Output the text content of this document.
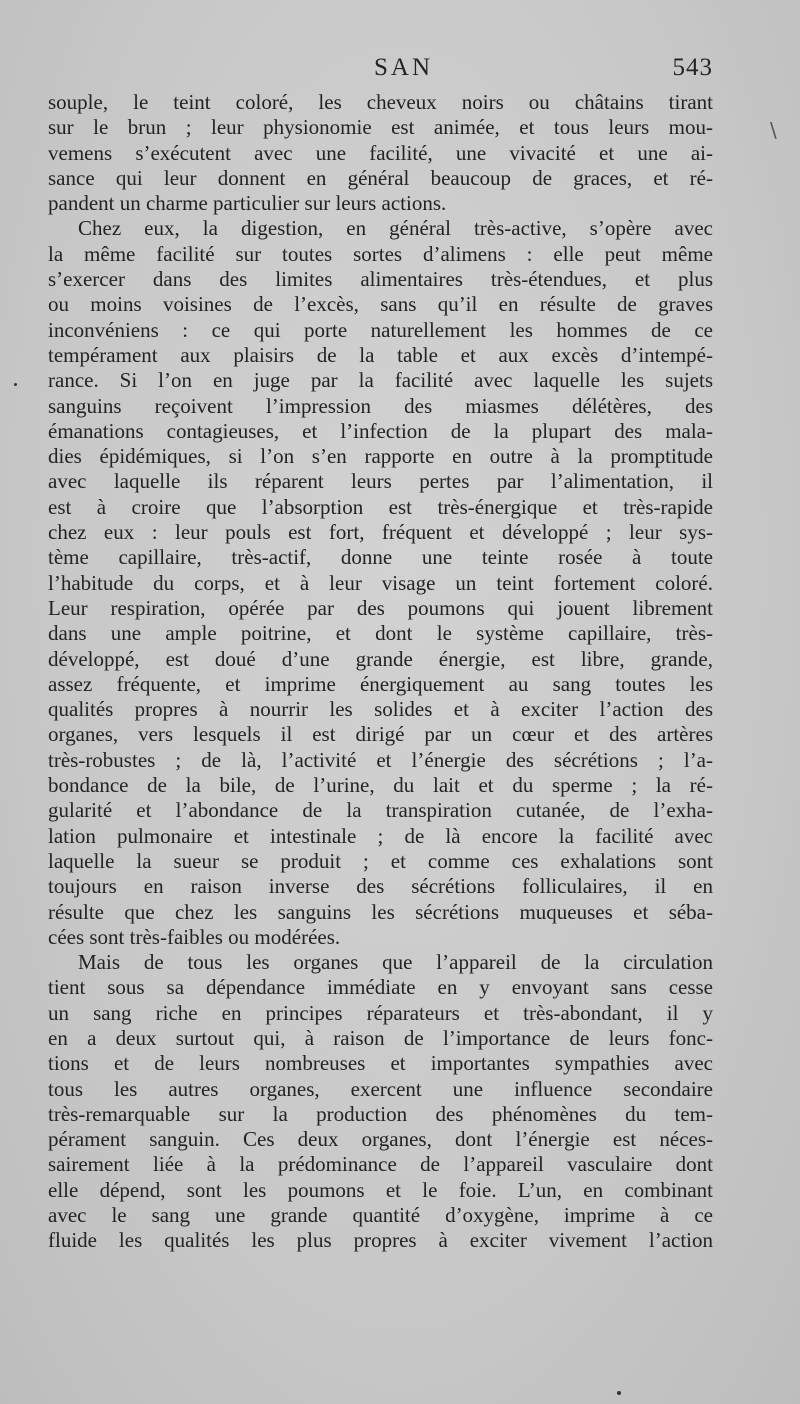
SAN	543
souple, le teint coloré, les cheveux noirs ou châtains tirant
sur le brun ; leur physionomie est animée, et tous leurs mou-
vemens s’exécutent avec une facilité, une vivacité et une ai-
sance qui leur donnent en général beaucoup de graces, et ré-
pandent un charme particulier sur leurs actions.
Chez eux, la digestion, en général très-active, s’opère avec
la même facilité sur toutes sortes d’alimens : elle peut même
s’exercer dans des limites alimentaires très-étendues, et plus
ou moins voisines de l’excès, sans qu’il en résulte de graves
inconvéniens : ce qui porte naturellement les hommes de ce
tempérament aux plaisirs de la table et aux excès d’intempé-
rance. Si l’on en juge par la facilité avec laquelle les sujets
sanguins reçoivent l’impression des miasmes délétères, des
émanations contagieuses, et l’infection de la plupart des mala-
dies épidémiques, si l’on s’en rapporte en outre à la promptitude
avec laquelle ils réparent leurs pertes par l’alimentation, il
est à croire que l’absorption est très-énergique et très-rapide
chez eux : leur pouls est fort, fréquent et développé ; leur sys-
tème capillaire, très-actif, donne une teinte rosée à toute
l’habitude du corps, et à leur visage un teint fortement coloré.
Leur respiration, opérée par des poumons qui jouent librement
dans une ample poitrine, et dont le système capillaire, très-
développé, est doué d’une grande énergie, est libre, grande,
assez fréquente, et imprime énergiquement au sang toutes les
qualités propres à nourrir les solides et à exciter l’action des
organes, vers lesquels il est dirigé par un cœur et des artères
très-robustes ; de là, l’activité et l’énergie des sécrétions ; l’a-
bondance de la bile, de l’urine, du lait et du sperme ; la ré-
gularité et l’abondance de la transpiration cutanée, de l’exha-
lation pulmonaire et intestinale ; de là encore la facilité avec
laquelle la sueur se produit ; et comme ces exhalations sont
toujours en raison inverse des sécrétions folliculaires, il en
résulte que chez les sanguins les sécrétions muqueuses et séba-
cées sont très-faibles ou modérées.
Mais de tous les organes que l’appareil de la circulation
tient sous sa dépendance immédiate en y envoyant sans cesse
un sang riche en principes réparateurs et très-abondant, il y
en a deux surtout qui, à raison de l’importance de leurs fonc-
tions et de leurs nombreuses et importantes sympathies avec
tous les autres organes, exercent une influence secondaire
très-remarquable sur la production des phénomènes du tem-
pérament sanguin. Ces deux organes, dont l’énergie est néces-
sairement liée à la prédominance de l’appareil vasculaire dont
elle dépend, sont les poumons et le foie. L’un, en combinant
avec le sang une grande quantité d’oxygène, imprime à ce
fluide les qualités les plus propres à exciter vivement l’action
\
